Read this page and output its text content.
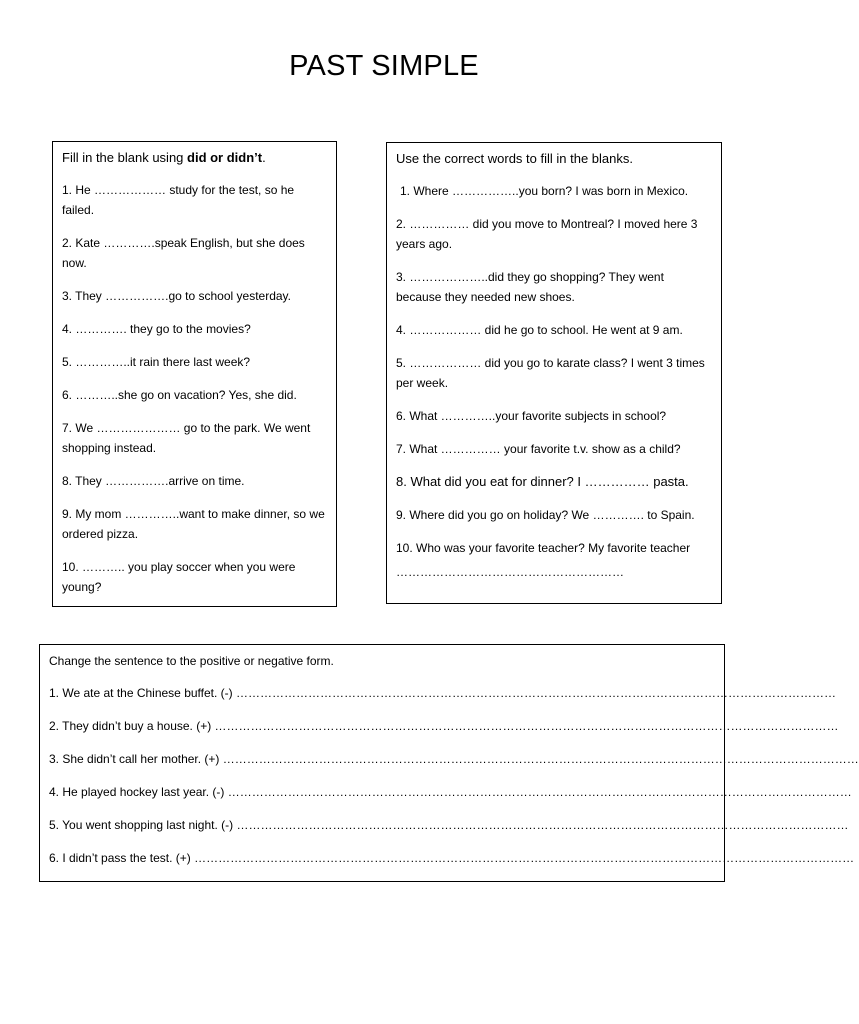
PAST SIMPLE
Fill in the blank using did or didn’t.
1. He ……………… study for the test, so he failed.
2. Kate ………….speak English, but she does now.
3. They …………….go to school yesterday.
4. …………. they go to the movies?
5. …………..it rain there last week?
6. ………..she go on vacation? Yes, she did.
7. We ………………… go to the park. We went shopping instead.
8. They …………….arrive on time.
9. My mom …………..want to make dinner, so we ordered pizza.
10. ……….. you play soccer when you were young?
Use the correct words to fill in the blanks.
1. Where ……………..you born? I was born in Mexico.
2. …………… did you move to Montreal? I moved here 3 years ago.
3. ………………..did they go shopping? They went because they needed new shoes.
4. ……………… did he go to school. He went at 9 am.
5. ……………… did you go to karate class? I went 3 times per week.
6. What …………..your favorite subjects in school?
7. What …………… your favorite t.v. show as a child?
8. What did you eat for dinner? I …………… pasta.
9. Where did you go on holiday? We …………. to Spain.
10. Who was your favorite teacher? My favorite teacher
…………………………………………………
Change the sentence to the positive or negative form.
1. We ate at the Chinese buffet. (-) ……………………………………………………………………………………………………………………………………
2. They didn’t buy a house. (+) …………………………………………………………………………………………………………………………………………
3. She didn’t call her mother. (+) ……………………………………………………………………………………………………………………………………………
4. He played hockey last year. (-) …………………………………………………………………………………………………………………………………………
5. You went shopping last night. (-) ………………………………………………………………………………………………………………………………………
6. I didn’t pass the test. (+) …………………………………………………………………………………………………………………………………………………
